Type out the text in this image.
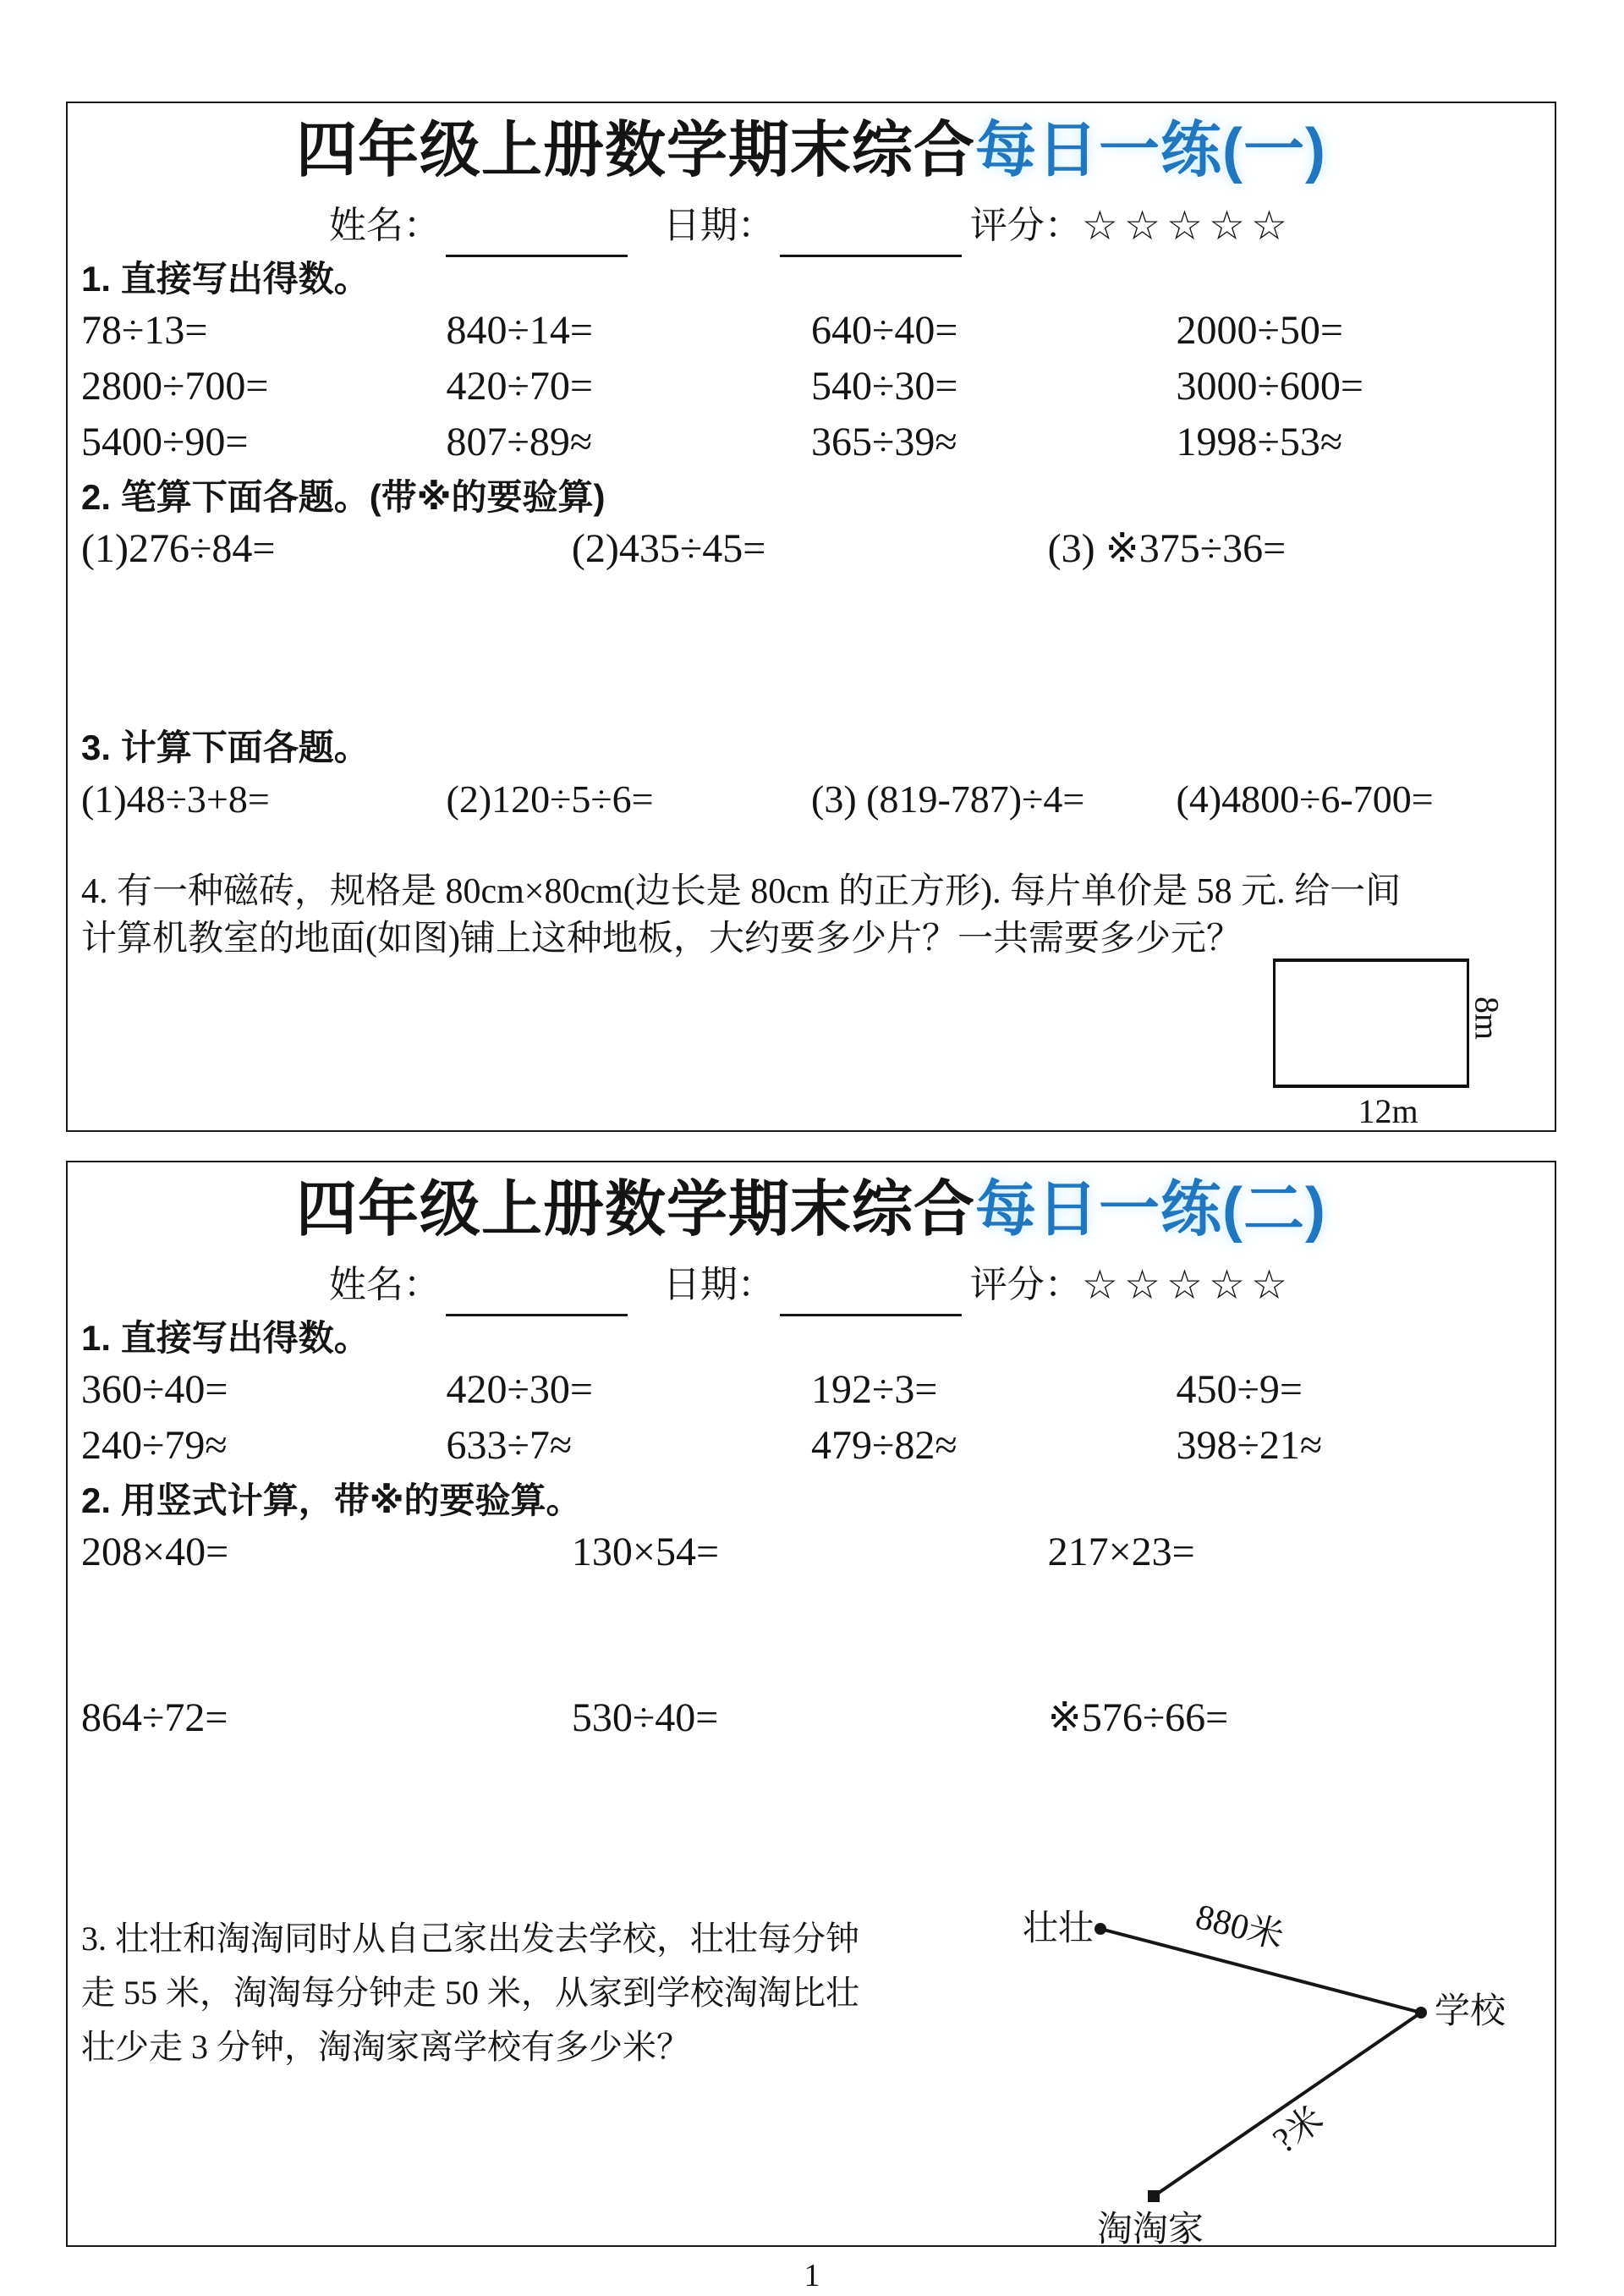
四年级上册数学期末综合每日一练(一)
姓名：	日期：	评分：☆☆☆☆☆
1. 直接写出得数。
78÷13=	840÷14=	640÷40=	2000÷50=
2800÷700=	420÷70=	540÷30=	3000÷600=
5400÷90=	807÷89≈	365÷39≈	1998÷53≈
2. 笔算下面各题。(带※的要验算)
(1)276÷84=	(2)435÷45=	(3) ※375÷36=
3. 计算下面各题。
(1)48÷3+8=	(2)120÷5÷6=	(3) (819-787)÷4=	(4)4800÷6-700=
4. 有一种磁砖，规格是 80cm×80cm(边长是 80cm 的正方形). 每片单价是 58 元. 给一间
计算机教室的地面(如图)铺上这种地板，大约要多少片？一共需要多少元？
8m
12m
四年级上册数学期末综合每日一练(二)
姓名：	日期：	评分：☆☆☆☆☆
1. 直接写出得数。
360÷40=	420÷30=	192÷3=	450÷9=
240÷79≈	633÷7≈	479÷82≈	398÷21≈
2. 用竖式计算，带※的要验算。
208×40=	130×54=	217×23=
864÷72=	530÷40=	※576÷66=
3. 壮壮和淘淘同时从自己家出发去学校，壮壮每分钟
走 55 米，淘淘每分钟走 50 米，从家到学校淘淘比壮
壮少走 3 分钟，淘淘家离学校有多少米？
壮壮
学校
淘淘家
880米
?米
1
